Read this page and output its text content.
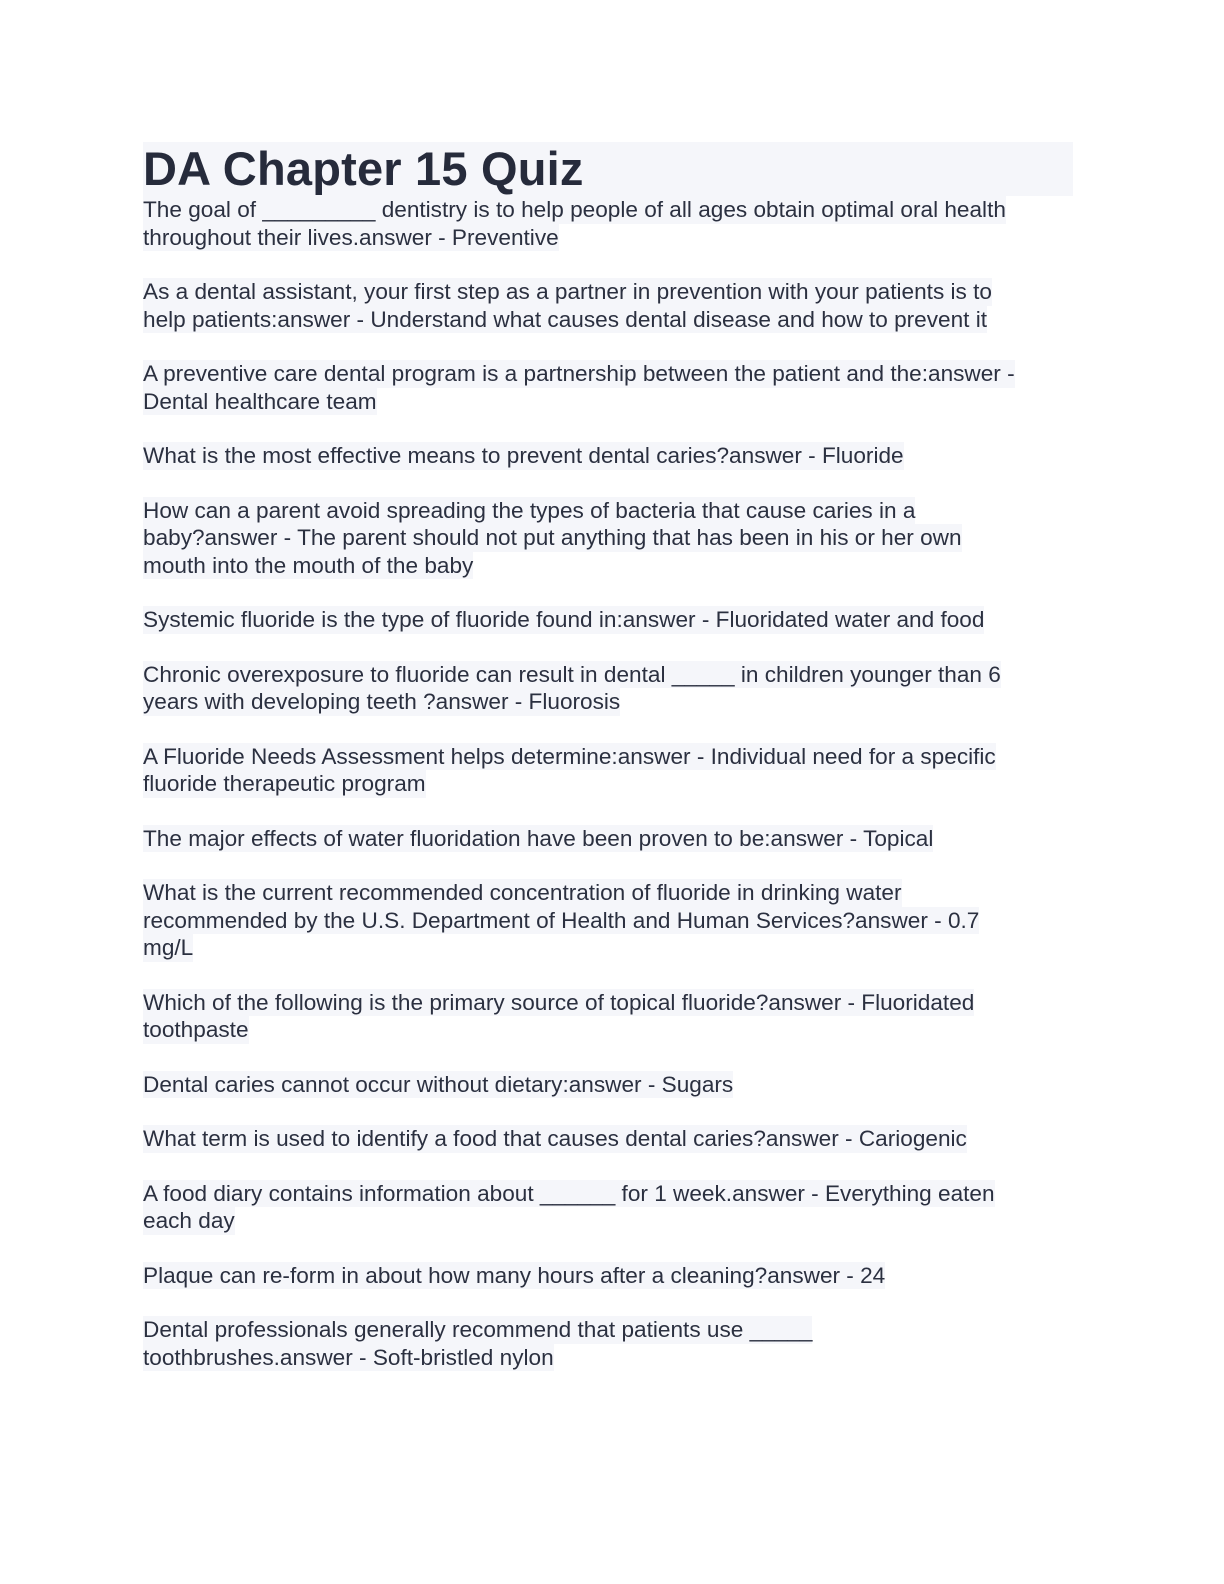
DA Chapter 15 Quiz
The goal of _________ dentistry is to help people of all ages obtain optimal oral health
throughout their lives.answer - Preventive
As a dental assistant, your first step as a partner in prevention with your patients is to
help patients:answer - Understand what causes dental disease and how to prevent it
A preventive care dental program is a partnership between the patient and the:answer -
Dental healthcare team
What is the most effective means to prevent dental caries?answer - Fluoride
How can a parent avoid spreading the types of bacteria that cause caries in a
baby?answer - The parent should not put anything that has been in his or her own
mouth into the mouth of the baby
Systemic fluoride is the type of fluoride found in:answer - Fluoridated water and food
Chronic overexposure to fluoride can result in dental _____ in children younger than 6
years with developing teeth ?answer - Fluorosis
A Fluoride Needs Assessment helps determine:answer - Individual need for a specific
fluoride therapeutic program
The major effects of water fluoridation have been proven to be:answer - Topical
What is the current recommended concentration of fluoride in drinking water
recommended by the U.S. Department of Health and Human Services?answer - 0.7
mg/L
Which of the following is the primary source of topical fluoride?answer - Fluoridated
toothpaste
Dental caries cannot occur without dietary:answer - Sugars
What term is used to identify a food that causes dental caries?answer - Cariogenic
A food diary contains information about ______ for 1 week.answer - Everything eaten
each day
Plaque can re-form in about how many hours after a cleaning?answer - 24
Dental professionals generally recommend that patients use _____
toothbrushes.answer - Soft-bristled nylon
